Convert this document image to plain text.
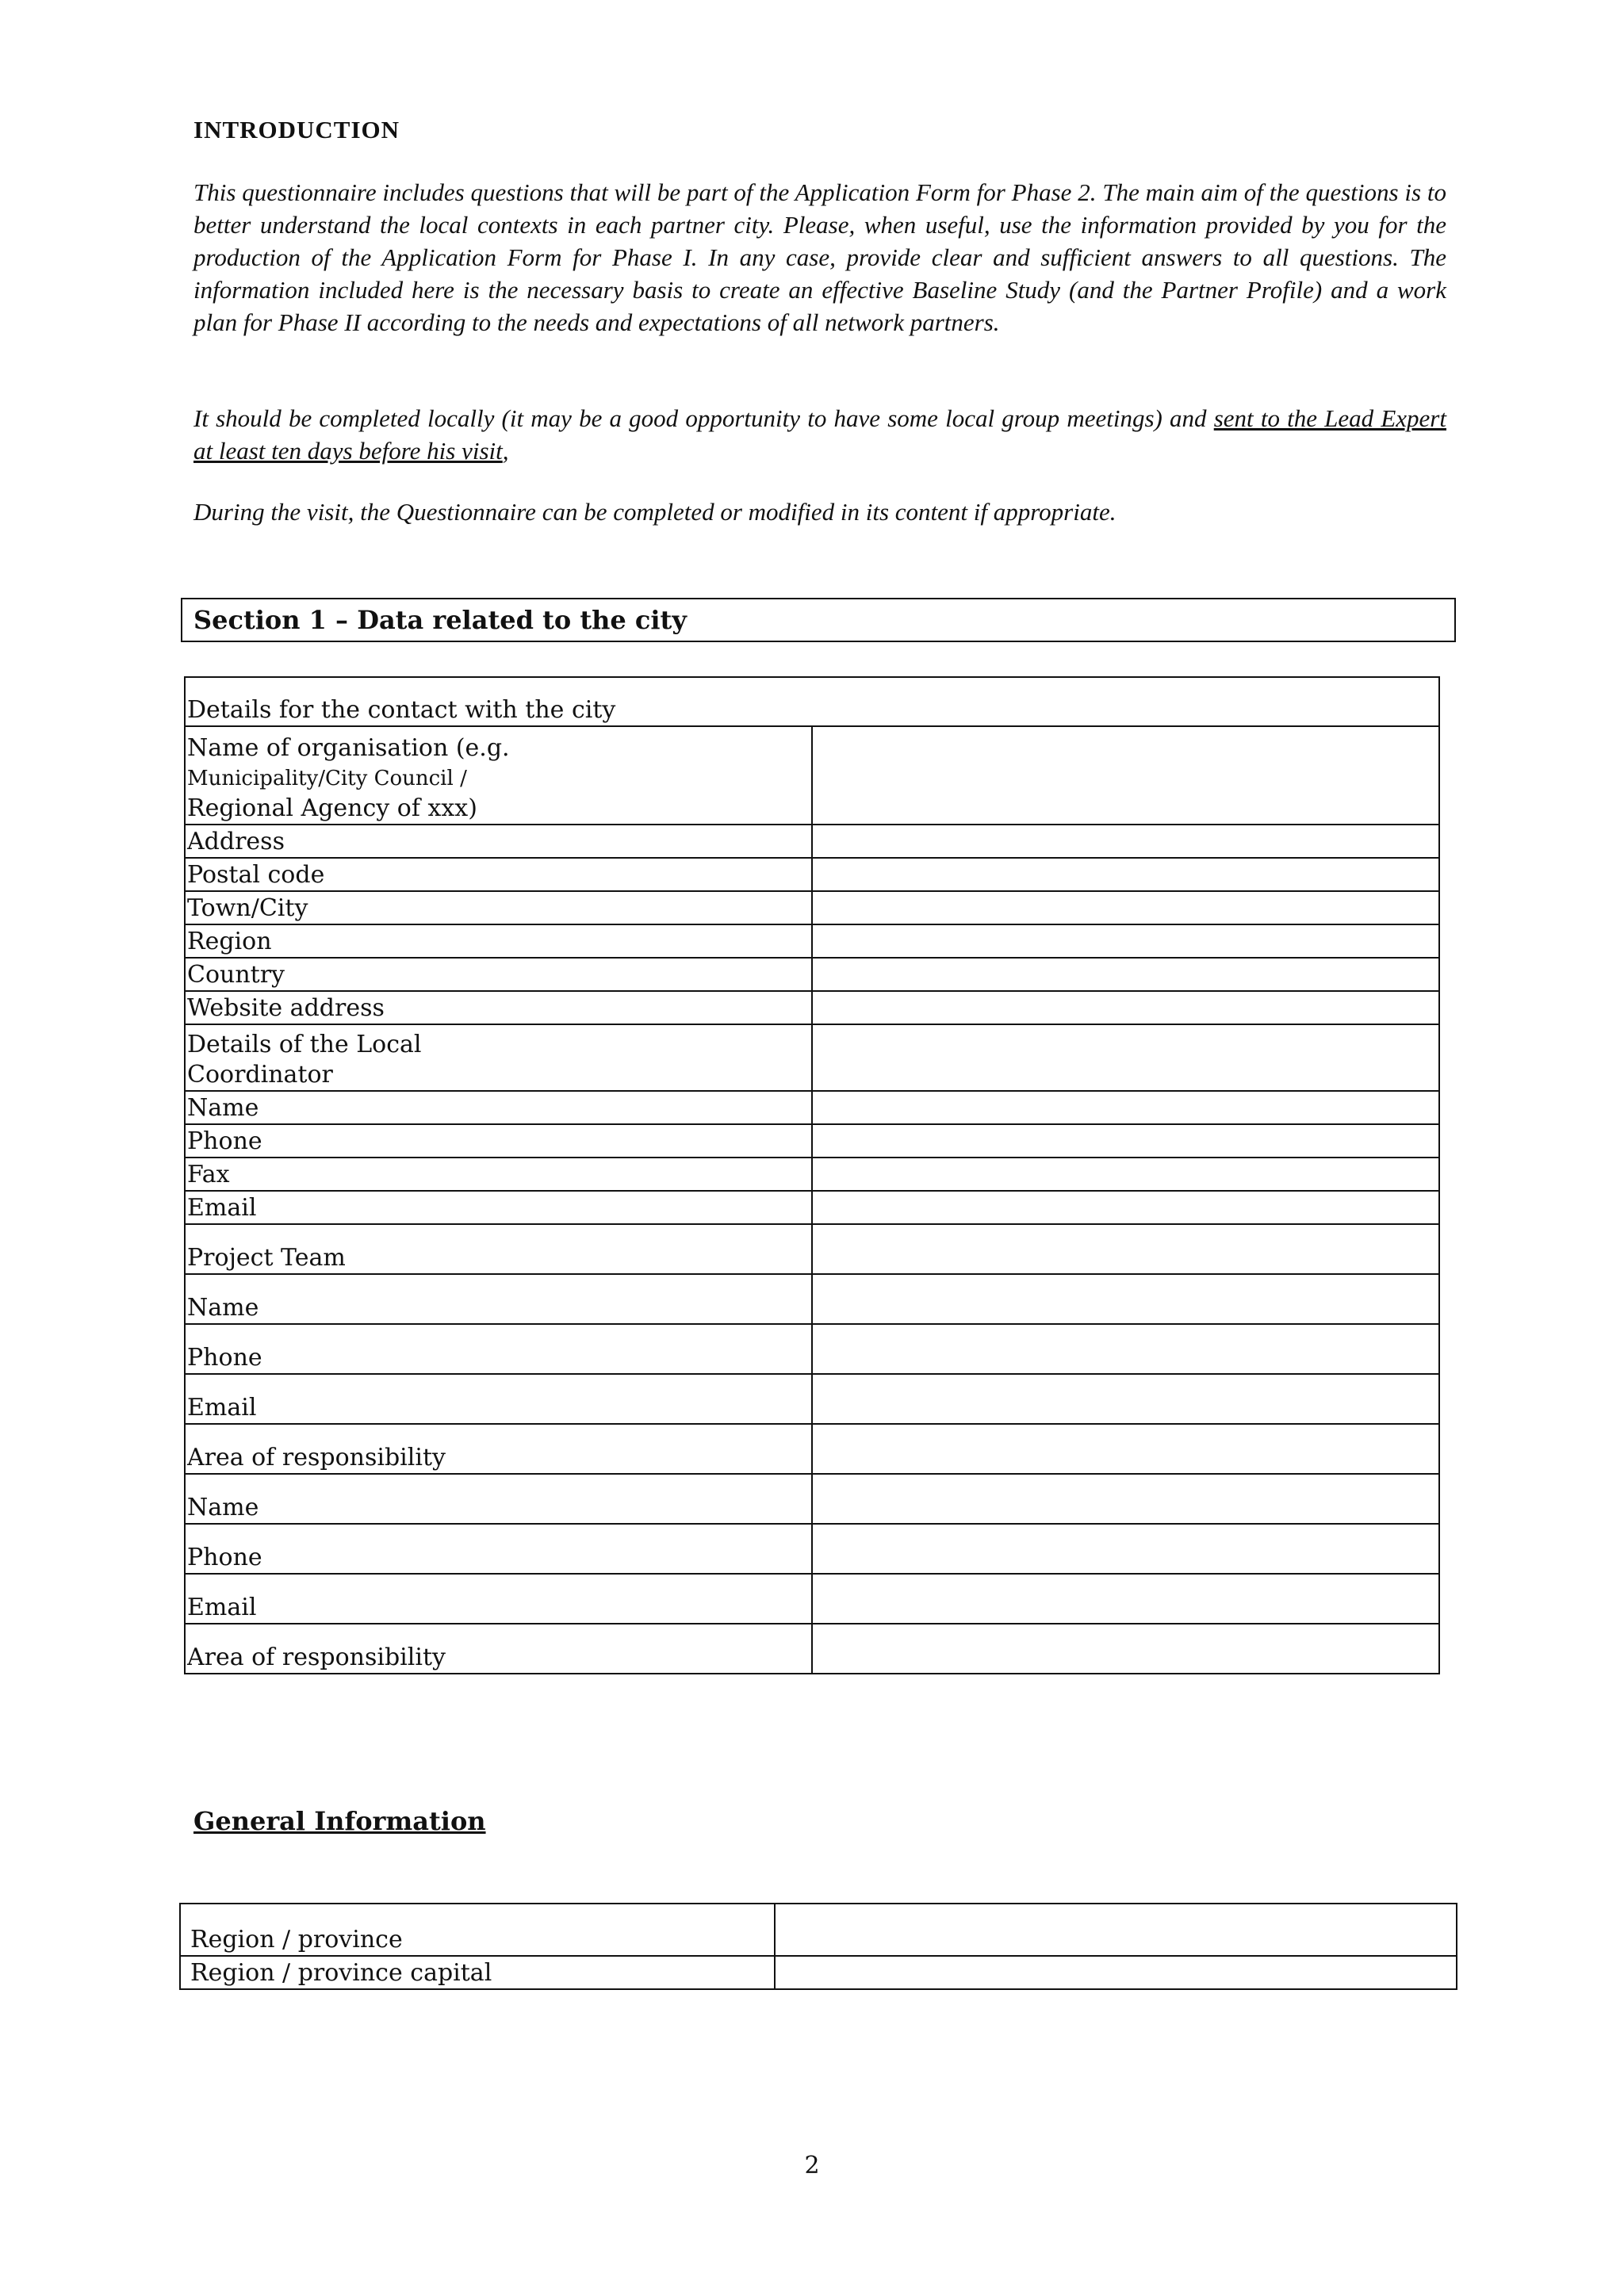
INTRODUCTION

This questionnaire includes questions that will be part of the Application Form for Phase 2. The main aim of the questions is to better understand the local contexts in each partner city. Please, when useful, use the information provided by you for the production of the Application Form for Phase I. In any case, provide clear and sufficient answers to all questions. The information included here is the necessary basis to create an effective Baseline Study (and the Partner Profile) and a work plan for Phase II according to the needs and expectations of all network partners.

It should be completed locally (it may be a good opportunity to have some local group meetings) and sent to the Lead Expert at least ten days before his visit,

During the visit, the Questionnaire can be completed or modified in its content if appropriate.

Section 1 – Data related to the city
Details for the contact with the city	

Name of organisation (e.g.
Municipality/City Council /
Regional Agency of xxx)	

Address	
Postal code	
Town/City	
Region	
Country	
Website address	

Details of the Local
Coordinator	

Name	
Phone	
Fax	
Email	
Project Team	
Name	
Phone	
Email	
Area of responsibility	
Name	
Phone	
Email	
Area of responsibility	
General Information
Region / province	
Region / province capital	
2
